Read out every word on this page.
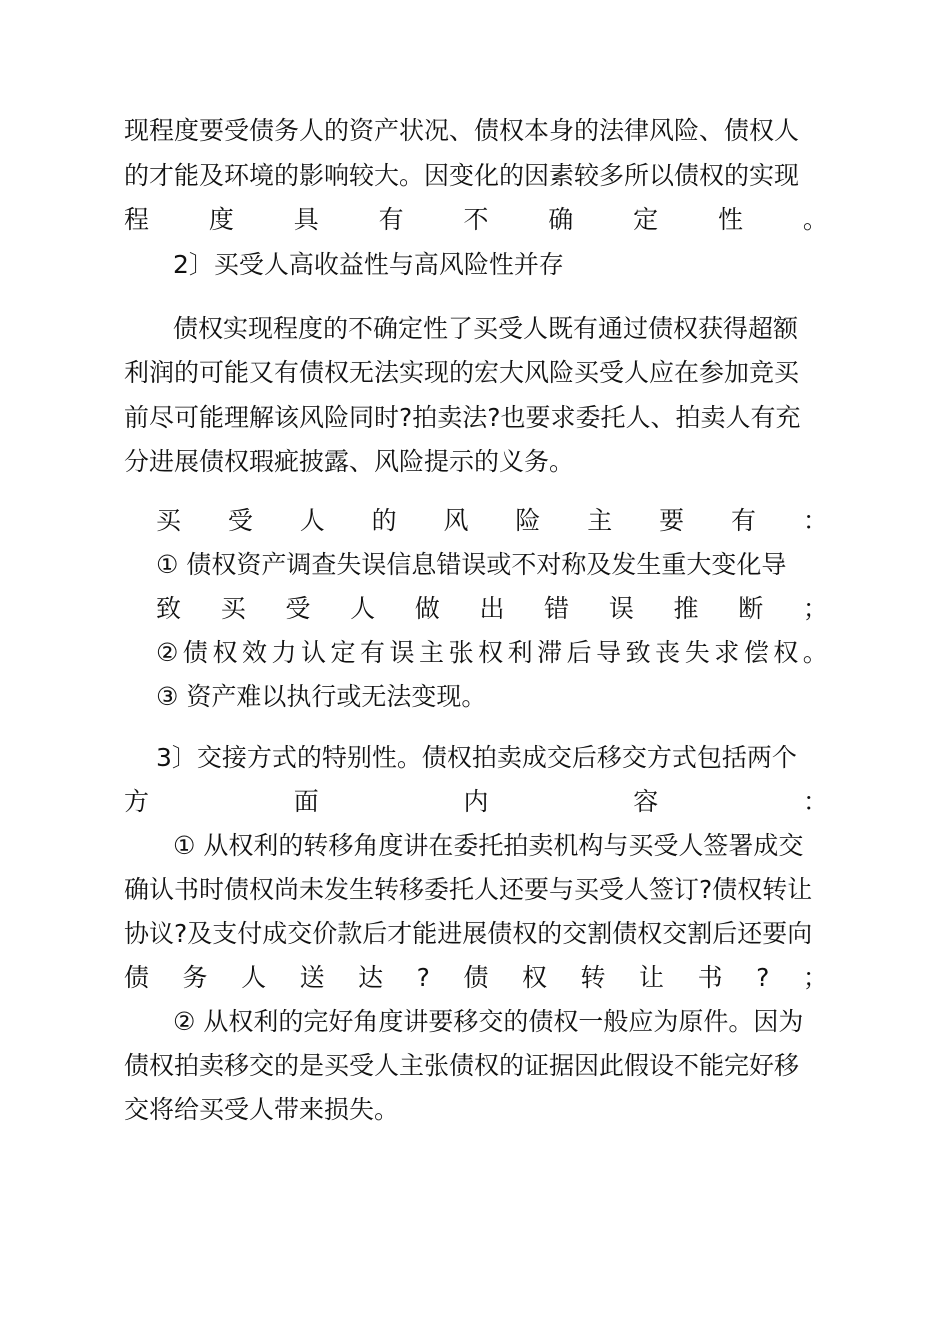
现程度要受债务人的资产状况、债权本身的法律风险、债权人
的才能及环境的影响较大。因变化的因素较多所以债权的实现
程 度 具 有 不 确 定 性 。
2〕买受人高收益性与高风险性并存
债权实现程度的不确定性了买受人既有通过债权获得超额
利润的可能又有债权无法实现的宏大风险买受人应在参加竞买
前尽可能理解该风险同时?拍卖法?也要求委托人、拍卖人有充
分进展债权瑕疵披露、风险提示的义务。
买 受 人 的 风 险 主 要 有 ：
① 债权资产调查失误信息错误或不对称及发生重大变化导
致 买 受 人 做 出 错 误 推 断 ；
② 债 权 效 力 认 定 有 误 主 张 权 利 滞 后 导 致 丧 失 求 偿 权 。
③ 资产难以执行或无法变现。
3〕交接方式的特别性。债权拍卖成交后移交方式包括两个
方	面	内	容	：
① 从权利的转移角度讲在委托拍卖机构与买受人签署成交
确认书时债权尚未发生转移委托人还要与买受人签订?债权转让
协议?及支付成交价款后才能进展债权的交割债权交割后还要向
债 务 人 送 达 ? 债 权 转 让 书 ? ；
② 从权利的完好角度讲要移交的债权一般应为原件。因为
债权拍卖移交的是买受人主张债权的证据因此假设不能完好移
交将给买受人带来损失。
